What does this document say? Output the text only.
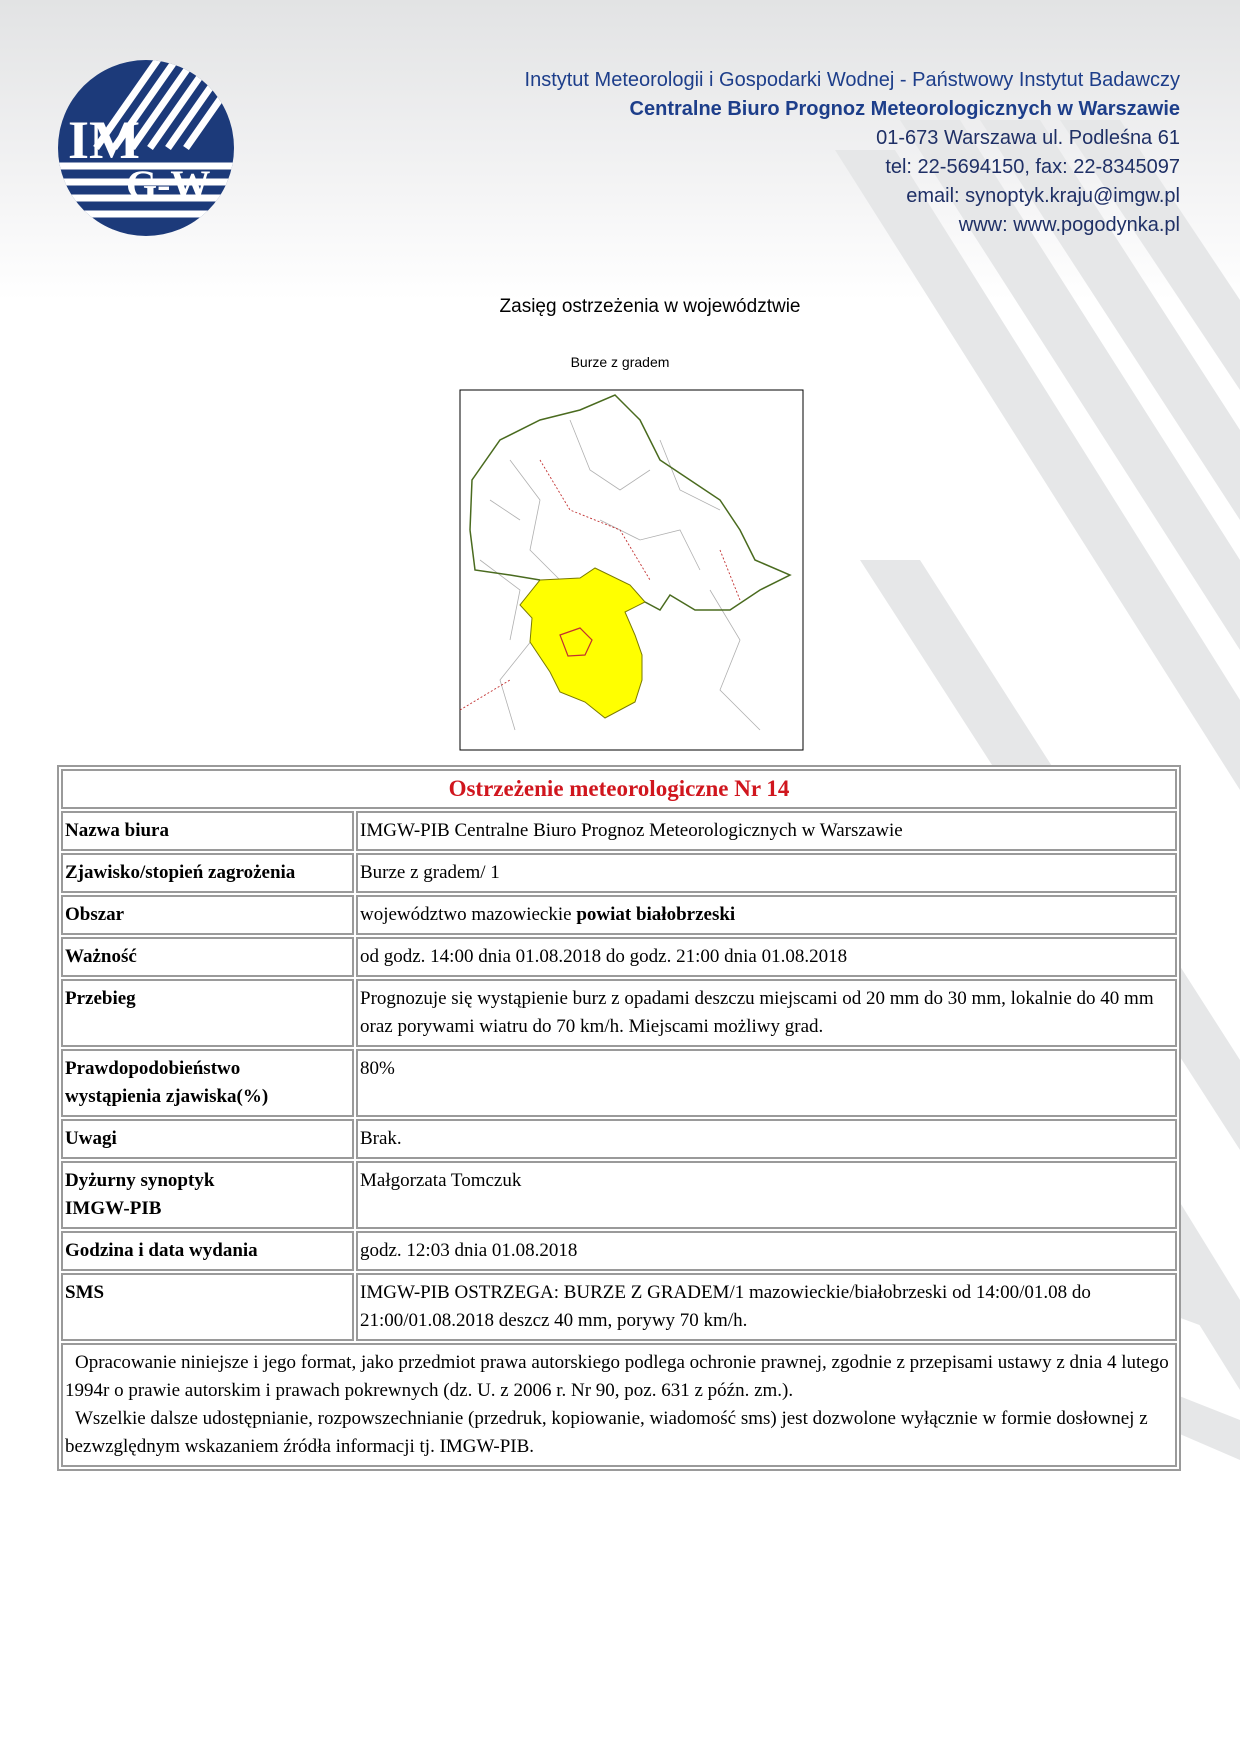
IM
G-W
Instytut Meteorologii i Gospodarki Wodnej - Państwowy Instytut Badawczy
Centralne Biuro Prognoz Meteorologicznych w Warszawie
01-673 Warszawa ul. Podleśna 61
tel: 22-5694150, fax: 22-8345097
email: synoptyk.kraju@imgw.pl
www: www.pogodynka.pl
Zasięg ostrzeżenia w województwie
Burze z gradem
Ostrzeżenie meteorologiczne Nr 14	
Nazwa biura	IMGW-PIB Centralne Biuro Prognoz Meteorologicznych w Warszawie
Zjawisko/stopień zagrożenia	Burze z gradem/ 1
Obszar	województwo mazowieckie powiat białobrzeski
Ważność	od godz. 14:00 dnia 01.08.2018 do godz. 21:00 dnia 01.08.2018
Przebieg	Prognozuje się wystąpienie burz z opadami deszczu miejscami od 20 mm do 30 mm, lokalnie do 40 mm oraz porywami wiatru do 70 km/h. Miejscami możliwy grad.
Prawdopodobieństwo
wystąpienia zjawiska(%)	80%
Uwagi	Brak.
Dyżurny synoptyk
IMGW-PIB	Małgorzata Tomczuk
Godzina i data wydania	godz. 12:03 dnia 01.08.2018
SMS	IMGW-PIB OSTRZEGA: BURZE Z GRADEM/1 mazowieckie/białobrzeski od 14:00/01.08 do 21:00/01.08.2018 deszcz 40 mm, porywy 70 km/h.
Opracowanie niniejsze i jego format, jako przedmiot prawa autorskiego podlega ochronie prawnej, zgodnie z przepisami ustawy z dnia 4 lutego 1994r o prawie autorskim i prawach pokrewnych (dz. U. z 2006 r. Nr 90, poz. 631 z późn. zm.).
Wszelkie dalsze udostępnianie, rozpowszechnianie (przedruk, kopiowanie, wiadomość sms) jest dozwolone wyłącznie w formie dosłownej z bezwzględnym wskazaniem źródła informacji tj. IMGW-PIB.	
